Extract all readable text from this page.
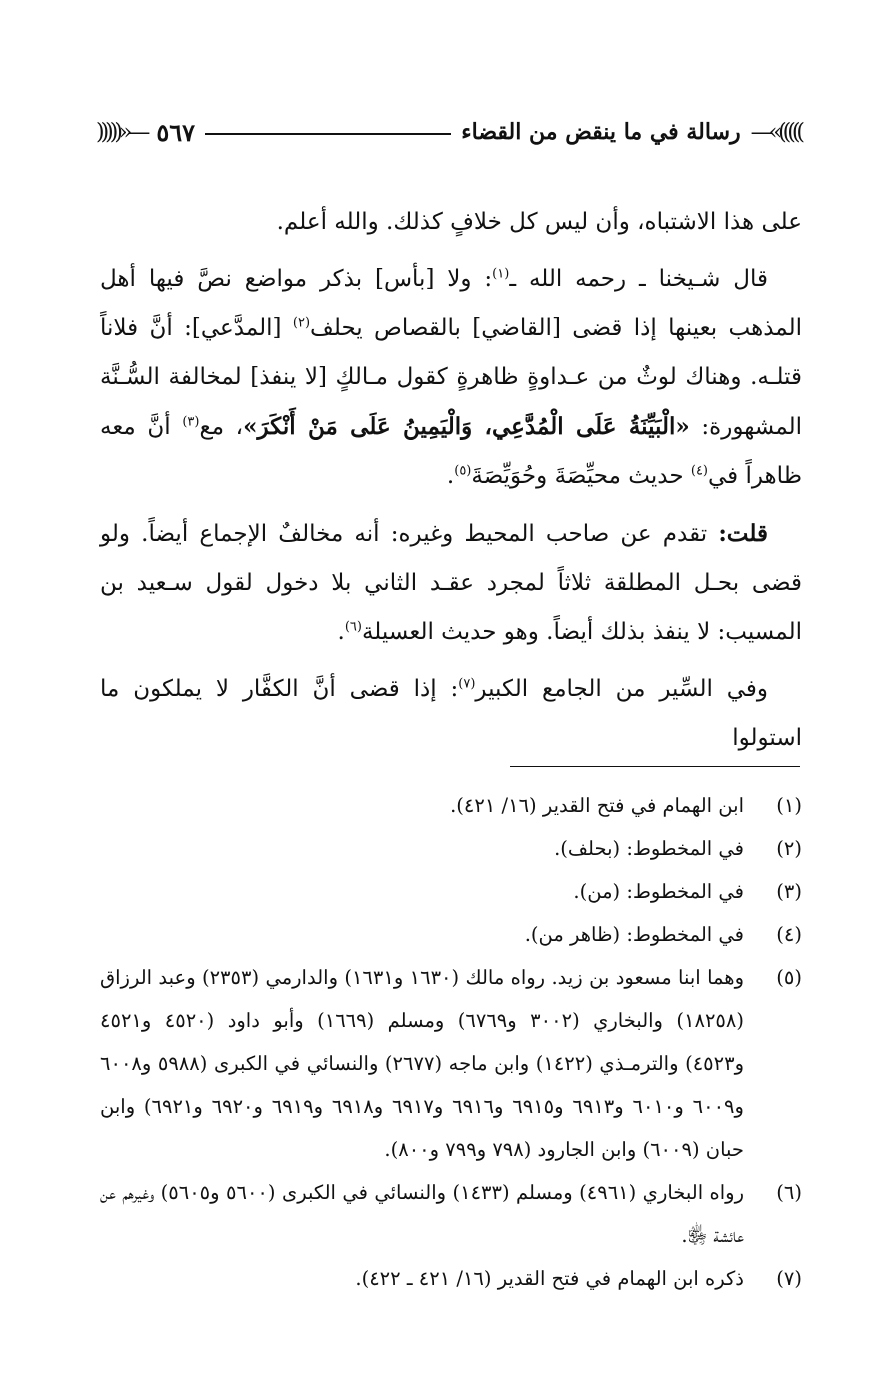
—«(((((
رسالة في ما ينقض من القضاء
٥٦٧
)))))»—

على هذا الاشتباه، وأن ليس كل خلافٍ كذلك. والله أعلم.

قال شـيخنا ـ رحمه الله ـ$^{(١)}$: ولا [بأس] بذكر مواضع نصَّ فيها أهل المذهب بعينها إذا قضى [القاضي] بالقصاص يحلف$^{(٢)}$ [المدَّعي]: أنَّ فلاناً قتلـه. وهناك لوثٌ من عـداوةٍ ظاهرةٍ كقول مـالكٍ [لا ينفذ] لمخالفة السُّـنَّة المشهورة: «الْبَيِّنَةُ عَلَى الْمُدَّعِي، وَالْيَمِينُ عَلَى مَنْ أَنْكَرَ»، مع$^{(٣)}$ أنَّ معه ظاهراً في$^{(٤)}$ حديث محيِّصَةَ وحُوَيِّصَةَ$^{(٥)}$.

قلت: تقدم عن صاحب المحيط وغيره: أنه مخالفٌ الإجماع أيضاً. ولو قضى بحـل المطلقة ثلاثاً لمجرد عقـد الثاني بلا دخول لقول سـعيد بن المسيب: لا ينفذ بذلك أيضاً. وهو حديث العسيلة$^{(٦)}$.

وفي السِّير من الجامع الكبير$^{(٧)}$: إذا قضى أنَّ الكفَّار لا يملكون ما استولوا

(١)
ابن الهمام في فتح القدير (١٦/ ٤٢١).
(٢)
في المخطوط: (بحلف).
(٣)
في المخطوط: (من).
(٤)
في المخطوط: (ظاهر من).
(٥)
وهما ابنا مسعود بن زيد. رواه مالك (١٦٣٠ و١٦٣١) والدارمي (٢٣٥٣) وعبد الرزاق (١٨٢٥٨) والبخاري (٣٠٠٢ و٦٧٦٩) ومسلم (١٦٦٩) وأبو داود (٤٥٢٠ و٤٥٢١ و٤٥٢٣) والترمـذي (١٤٢٢) وابن ماجه (٢٦٧٧) والنسائي في الكبرى (٥٩٨٨ و٦٠٠٨ و٦٠٠٩ و٦٠١٠ و٦٩١٣ و٦٩١٥ و٦٩١٦ و٦٩١٧ و٦٩١٨ و٦٩١٩ و٦٩٢٠ و٦٩٢١) وابن حبان (٦٠٠٩) وابن الجارود (٧٩٨ و٧٩٩ و٨٠٠).
(٦)
رواه البخاري (٤٩٦١) ومسلم (١٤٣٣) والنسائي في الكبرى (٥٦٠٠ و٥٦٠٥) وغيرهم عن عائشة ﵂.
(٧)
ذكره ابن الهمام في فتح القدير (١٦/ ٤٢١ ـ ٤٢٢).
